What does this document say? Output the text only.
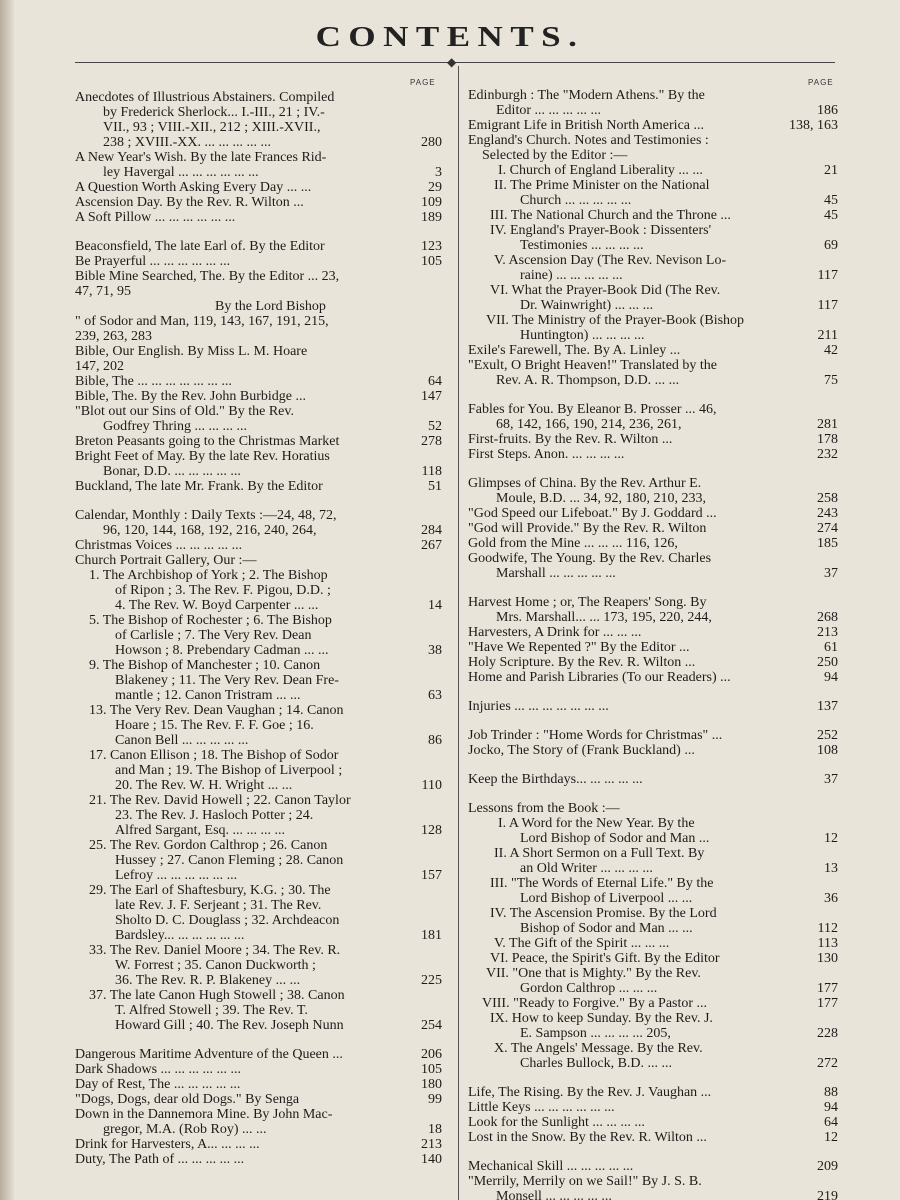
CONTENTS.
◆
PAGE	PAGE
Anecdotes of Illustrious Abstainers. Compiled
by Frederick Sherlock... I.-III., 21 ; IV.-
VII., 93 ; VIII.-XII., 212 ; XIII.-XVII.,
238 ; XVIII.-XX. ... ... ... ... ...	280
A New Year's Wish. By the late Frances Rid-
ley Havergal ... ... ... ... ... ...	3
A Question Worth Asking Every Day ... ...	29
Ascension Day. By the Rev. R. Wilton ...	109
A Soft Pillow ... ... ... ... ... ...	189
Beaconsfield, The late Earl of. By the Editor	123
Be Prayerful ... ... ... ... ... ...	105
Bible Mine Searched, The. By the Editor ... 23,
47, 71, 95
By the Lord Bishop
" of Sodor and Man, 119, 143, 167, 191, 215,
239, 263, 283
Bible, Our English. By Miss L. M. Hoare
147, 202
Bible, The ... ... ... ... ... ... ...	64
Bible, The. By the Rev. John Burbidge ...	147
"Blot out our Sins of Old." By the Rev.
Godfrey Thring ... ... ... ...	52
Breton Peasants going to the Christmas Market	278
Bright Feet of May. By the late Rev. Horatius
Bonar, D.D. ... ... ... ... ...	118
Buckland, The late Mr. Frank. By the Editor	51
Calendar, Monthly : Daily Texts :—24, 48, 72,
96, 120, 144, 168, 192, 216, 240, 264,	284
Christmas Voices ... ... ... ... ...	267
Church Portrait Gallery, Our :—
1. The Archbishop of York ; 2. The Bishop
of Ripon ; 3. The Rev. F. Pigou, D.D. ;
4. The Rev. W. Boyd Carpenter ... ...	14
5. The Bishop of Rochester ; 6. The Bishop
of Carlisle ; 7. The Very Rev. Dean
Howson ; 8. Prebendary Cadman ... ...	38
9. The Bishop of Manchester ; 10. Canon
Blakeney ; 11. The Very Rev. Dean Fre-
mantle ; 12. Canon Tristram ... ...	63
13. The Very Rev. Dean Vaughan ; 14. Canon
Hoare ; 15. The Rev. F. F. Goe ; 16.
Canon Bell ... ... ... ... ...	86
17. Canon Ellison ; 18. The Bishop of Sodor
and Man ; 19. The Bishop of Liverpool ;
20. The Rev. W. H. Wright ... ...	110
21. The Rev. David Howell ; 22. Canon Taylor
23. The Rev. J. Hasloch Potter ; 24.
Alfred Sargant, Esq. ... ... ... ...	128
25. The Rev. Gordon Calthrop ; 26. Canon
Hussey ; 27. Canon Fleming ; 28. Canon
Lefroy ... ... ... ... ... ...	157
29. The Earl of Shaftesbury, K.G. ; 30. The
late Rev. J. F. Serjeant ; 31. The Rev.
Sholto D. C. Douglass ; 32. Archdeacon
Bardsley... ... ... ... ... ...	181
33. The Rev. Daniel Moore ; 34. The Rev. R.
W. Forrest ; 35. Canon Duckworth ;
36. The Rev. R. P. Blakeney ... ...	225
37. The late Canon Hugh Stowell ; 38. Canon
T. Alfred Stowell ; 39. The Rev. T.
Howard Gill ; 40. The Rev. Joseph Nunn	254
Dangerous Maritime Adventure of the Queen ...	206
Dark Shadows ... ... ... ... ... ...	105
Day of Rest, The ... ... ... ... ...	180
"Dogs, Dogs, dear old Dogs." By Senga	99
Down in the Dannemora Mine. By John Mac-
gregor, M.A. (Rob Roy) ... ...	18
Drink for Harvesters, A... ... ... ...	213
Duty, The Path of ... ... ... ... ...	140
Edinburgh : The "Modern Athens." By the
Editor ... ... ... ... ...	186
Emigrant Life in British North America ...	138, 163
England's Church. Notes and Testimonies :
Selected by the Editor :—
I. Church of England Liberality ... ...	21
II. The Prime Minister on the National
Church ... ... ... ... ...	45
III. The National Church and the Throne ...	45
IV. England's Prayer-Book : Dissenters'
Testimonies ... ... ... ...	69
V. Ascension Day (The Rev. Nevison Lo-
raine) ... ... ... ... ...	117
VI. What the Prayer-Book Did (The Rev.
Dr. Wainwright) ... ... ...	117
VII. The Ministry of the Prayer-Book (Bishop
Huntington) ... ... ... ...	211
Exile's Farewell, The. By A. Linley ...	42
"Exult, O Bright Heaven!" Translated by the
Rev. A. R. Thompson, D.D. ... ...	75
Fables for You. By Eleanor B. Prosser ... 46,
68, 142, 166, 190, 214, 236, 261,	281
First-fruits. By the Rev. R. Wilton ...	178
First Steps. Anon. ... ... ... ...	232
Glimpses of China. By the Rev. Arthur E.
Moule, B.D. ... 34, 92, 180, 210, 233,	258
"God Speed our Lifeboat." By J. Goddard ...	243
"God will Provide." By the Rev. R. Wilton	274
Gold from the Mine ... ... ... 116, 126,	185
Goodwife, The Young. By the Rev. Charles
Marshall ... ... ... ... ...	37
Harvest Home ; or, The Reapers' Song. By
Mrs. Marshall... ... 173, 195, 220, 244,	268
Harvesters, A Drink for ... ... ...	213
"Have We Repented ?" By the Editor ...	61
Holy Scripture. By the Rev. R. Wilton ...	250
Home and Parish Libraries (To our Readers) ...	94
Injuries ... ... ... ... ... ... ...	137
Job Trinder : "Home Words for Christmas" ...	252
Jocko, The Story of (Frank Buckland) ...	108
Keep the Birthdays... ... ... ... ...	37
Lessons from the Book :—
I. A Word for the New Year. By the
Lord Bishop of Sodor and Man ...	12
II. A Short Sermon on a Full Text. By
an Old Writer ... ... ... ...	13
III. "The Words of Eternal Life." By the
Lord Bishop of Liverpool ... ...	36
IV. The Ascension Promise. By the Lord
Bishop of Sodor and Man ... ...	112
V. The Gift of the Spirit ... ... ...	113
VI. Peace, the Spirit's Gift. By the Editor	130
VII. "One that is Mighty." By the Rev.
Gordon Calthrop ... ... ...	177
VIII. "Ready to Forgive." By a Pastor ...	177
IX. How to keep Sunday. By the Rev. J.
E. Sampson ... ... ... ... 205,	228
X. The Angels' Message. By the Rev.
Charles Bullock, B.D. ... ...	272
Life, The Rising. By the Rev. J. Vaughan ...	88
Little Keys ... ... ... ... ... ...	94
Look for the Sunlight ... ... ... ...	64
Lost in the Snow. By the Rev. R. Wilton ...	12
Mechanical Skill ... ... ... ... ...	209
"Merrily, Merrily on we Sail!" By J. S. B.
Monsell ... ... ... ... ...	219
